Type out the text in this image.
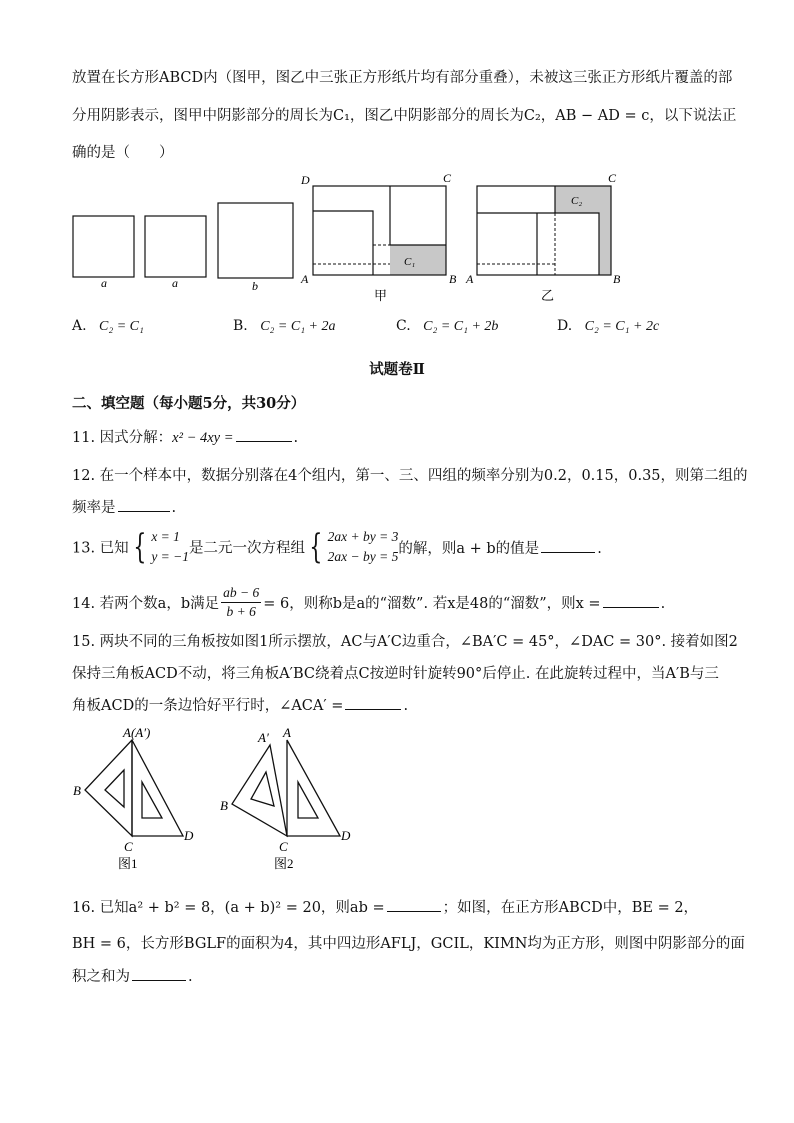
放置在长方形ABCD内（图甲，图乙中三张正方形纸片均有部分重叠），未被这三张正方形纸片覆盖的部
分用阴影表示，图甲中阴影部分的周长为C₁，图乙中阴影部分的周长为C₂，AB − AD = c，以下说法正
确的是（　　）
a	a	b
D	C
A	B
C₁
甲
C
A	B
C₂
乙
A. C₂ = C₁	B. C₂ = C₁ + 2a	C. C₂ = C₁ + 2b	D. C₂ = C₁ + 2c
试题卷Ⅱ
二、填空题（每小题5分，共30分）
11. 因式分解：x² − 4xy =	.
12. 在一个样本中，数据分别落在4个组内，第一、三、四组的频率分别为0.2，0.15，0.35，则第二组的
频率是	.
13. 已知 { x = 1
y = −1 是二元一次方程组 { 2ax + by = 3
2ax − by = 5 的解，则a + b的值是	.
14. 若两个数a，b满足 $\frac{ab - 6}{b + 6} = 6$，则称b是a的“溜数”. 若x是48的“溜数”，则x =	.
15. 两块不同的三角板按如图1所示摆放，AC与A′C边重合，∠BA′C = 45°，∠DAC = 30°. 接着如图2
保持三角板ACD不动，将三角板A′BC绕着点C按逆时针旋转90°后停止. 在此旋转过程中，当A′B与三
角板ACD的一条边恰好平行时，∠ACA′ =	.
A(A′)
B
C
D
图1
A′ A
B
C
D
图2
16. 已知a² + b² = 8，(a + b)² = 20，则ab =	；如图，在正方形ABCD中，BE = 2，
BH = 6，长方形BGLF的面积为4，其中四边形AFLJ，GCIL，KIMN均为正方形，则图中阴影部分的面
积之和为	.
